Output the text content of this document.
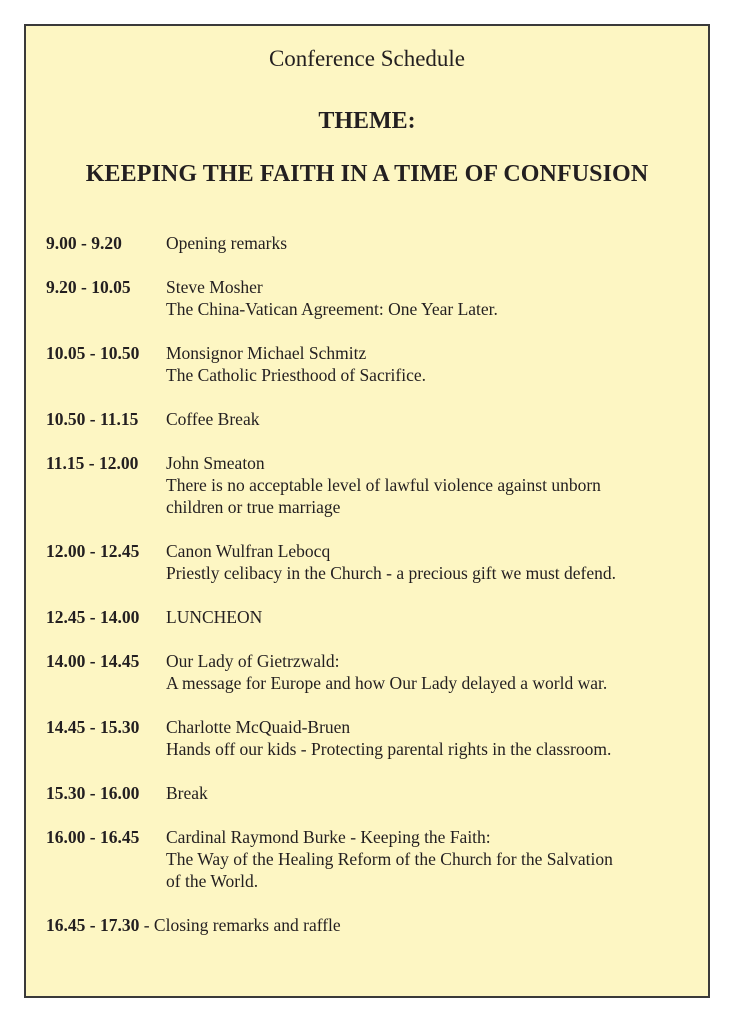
Conference Schedule
THEME:
KEEPING THE FAITH IN A TIME OF CONFUSION
9.00 - 9.20	Opening remarks
9.20 - 10.05 Steve Mosher
The China-Vatican Agreement: One Year Later.
10.05 - 10.50 Monsignor Michael Schmitz
The Catholic Priesthood of Sacrifice.
10.50 - 11.15 Coffee Break
11.15 - 12.00 John Smeaton
There is no acceptable level of lawful violence against unborn
children or true marriage
12.00 - 12.45 Canon Wulfran Lebocq
Priestly celibacy in the Church - a precious gift we must defend.
12.45 - 14.00 LUNCHEON
14.00 - 14.45 Our Lady of Gietrzwald:
A message for Europe and how Our Lady delayed a world war.
14.45 - 15.30 Charlotte McQuaid-Bruen
Hands off our kids - Protecting parental rights in the classroom.
15.30 - 16.00 Break
16.00 - 16.45 Cardinal Raymond Burke - Keeping the Faith:
The Way of the Healing Reform of the Church for the Salvation
of the World.
16.45 - 17.30 - Closing remarks and raffle
